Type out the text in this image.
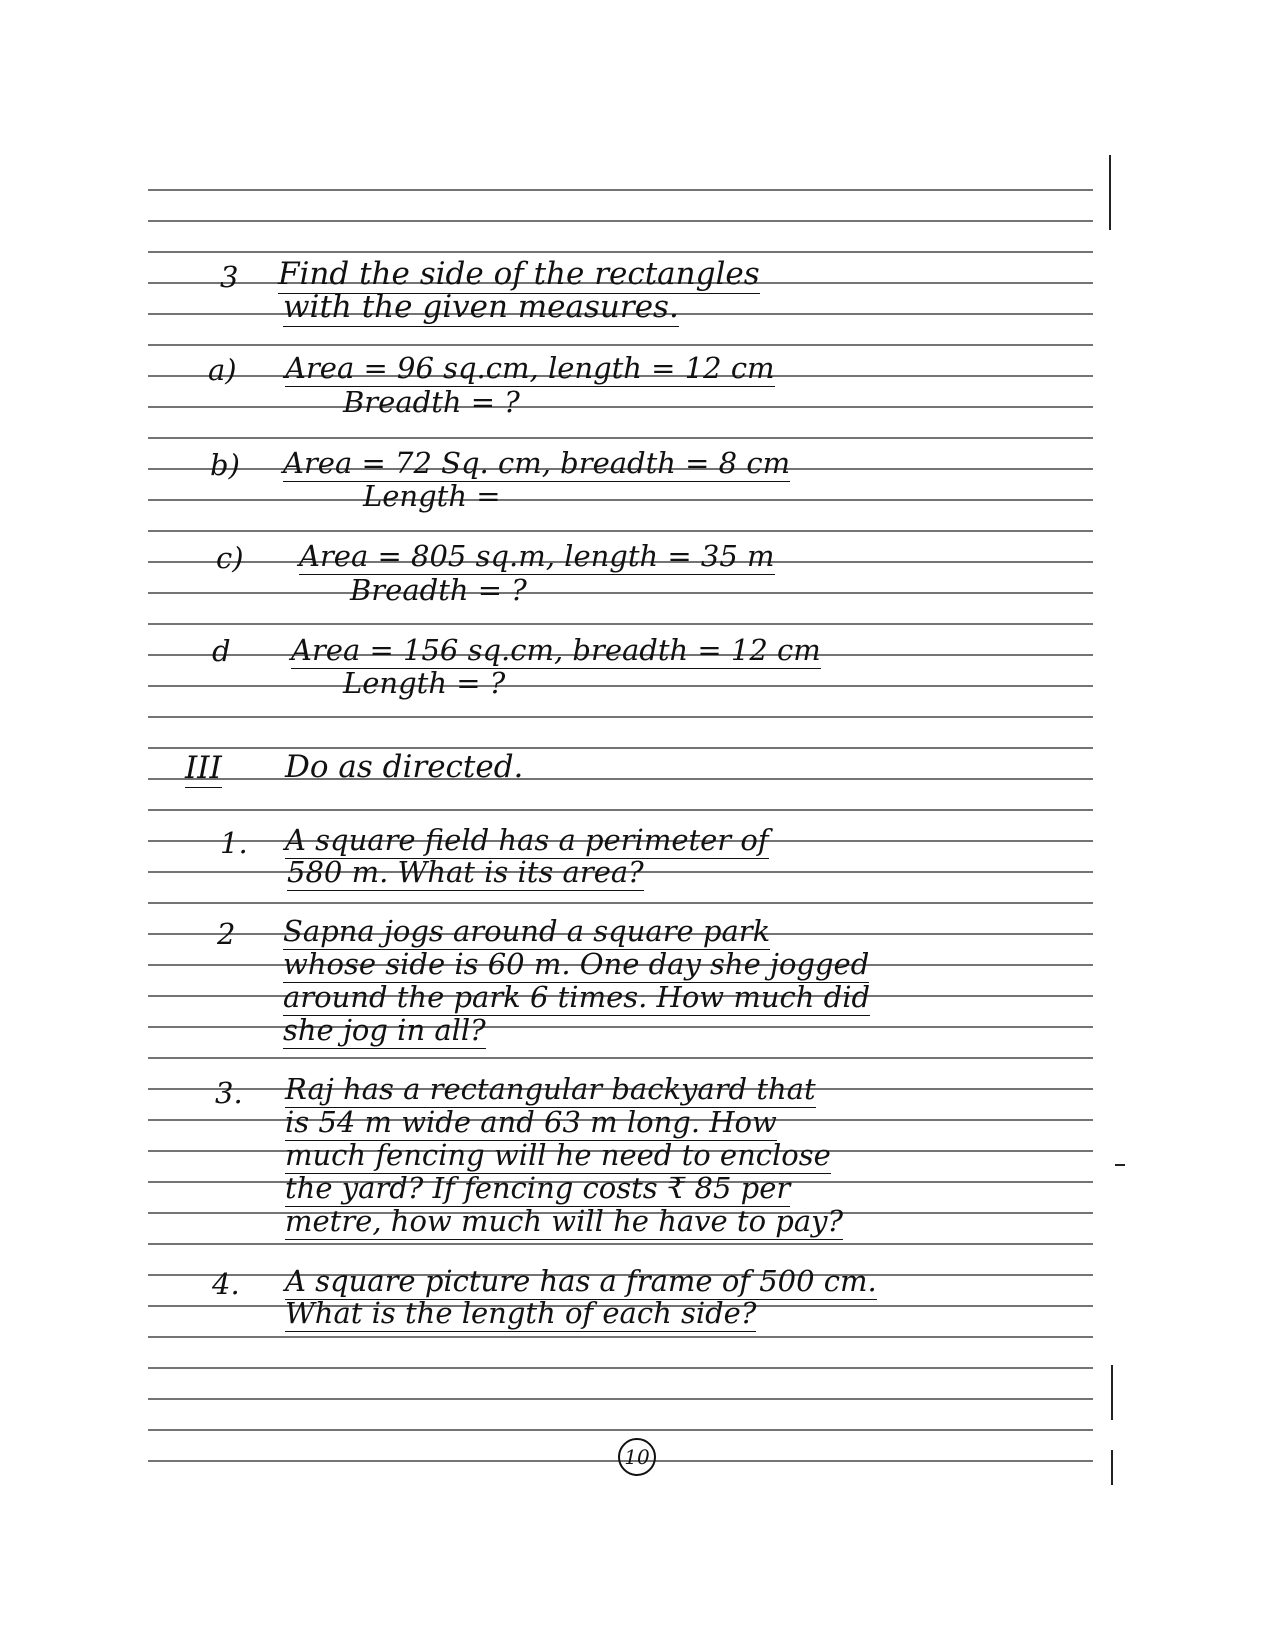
3 Find the side of the rectangles
with the given measures.
a) Area = 96 sq.cm, length = 12 cm
Breadth = ?
b) Area = 72 Sq. cm, breadth = 8 cm
Length =
c) Area = 805 sq.m, length = 35 m
Breadth = ?
d Area = 156 sq.cm, breadth = 12 cm
Length = ?
III Do as directed.
1. A square field has a perimeter of
580 m. What is its area?
2 Sapna jogs around a square park
whose side is 60 m. One day she jogged
around the park 6 times. How much did
she jog in all?
3. Raj has a rectangular backyard that
is 54 m wide and 63 m long. How
much fencing will he need to enclose
the yard? If fencing costs ₹ 85 per
metre, how much will he have to pay?
4. A square picture has a frame of 500 cm.
What is the length of each side?
10
